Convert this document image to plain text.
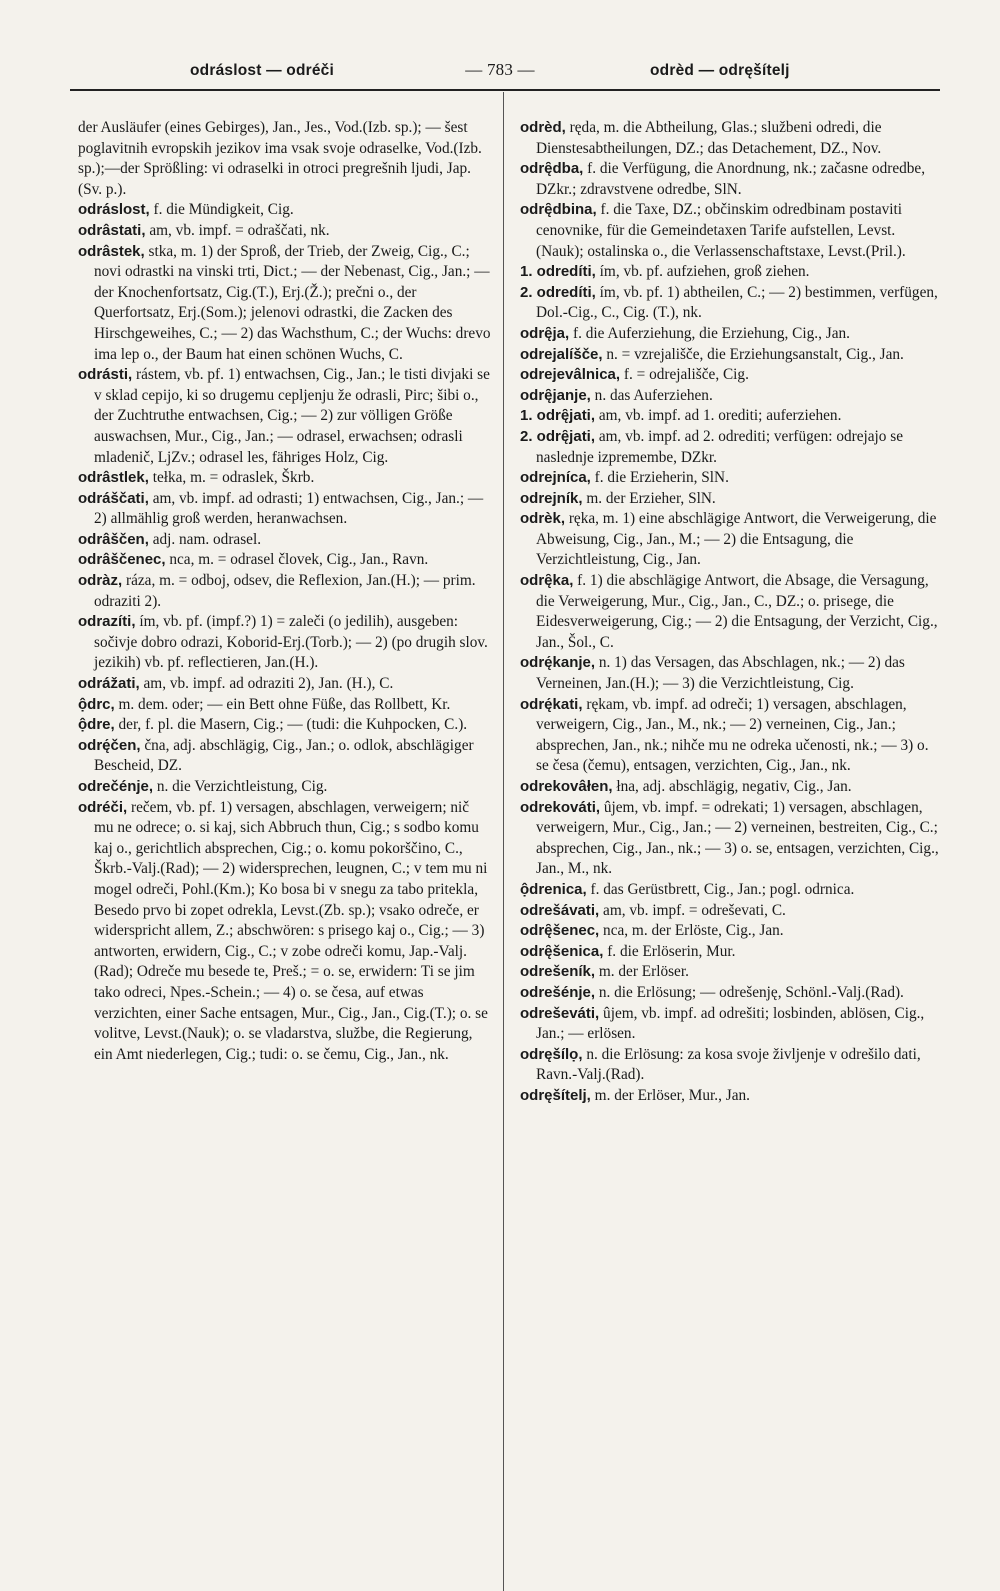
odráslost — odréči	— 783 —	odrèd — odręšítelj
der Ausläufer (eines Gebirges), Jan., Jes., Vod.(Izb. sp.); — šest poglavitnih evropskih jezikov ima vsak svoje odraselke, Vod.(Izb. sp.);—der Sprößling: vi odraselki in otroci pregrešnih ljudi, Jap.(Sv. p.).
odráslost, f. die Mündigkeit, Cig.
odrâstati, am, vb. impf. = odraščati, nk.
odrâstek, stka, m. 1) der Sproß, der Trieb, der Zweig, Cig., C.; novi odrastki na vinski trti, Dict.; — der Nebenast, Cig., Jan.; — der Knochenfortsatz, Cig.(T.), Erj.(Ž.); prečni o., der Querfortsatz, Erj.(Som.); jelenovi odrastki, die Zacken des Hirschgeweihes, C.; — 2) das Wachsthum, C.; der Wuchs: drevo ima lep o., der Baum hat einen schönen Wuchs, C.
odrásti, rástem, vb. pf. 1) entwachsen, Cig., Jan.; le tisti divjaki se v sklad cepijo, ki so drugemu cepljenju že odrasli, Pirc; šibi o., der Zuchtruthe entwachsen, Cig.; — 2) zur völligen Größe auswachsen, Mur., Cig., Jan.; — odrasel, erwachsen; odrasli mladenič, LjZv.; odrasel les, fähriges Holz, Cig.
odrâstlek, tełka, m. = odraslek, Škrb.
odráščati, am, vb. impf. ad odrasti; 1) entwachsen, Cig., Jan.; — 2) allmählig groß werden, heranwachsen.
odrâščen, adj. nam. odrasel.
odrâščenec, nca, m. = odrasel človek, Cig., Jan., Ravn.
odràz, ráza, m. = odboj, odsev, die Reflexion, Jan.(H.); — prim. odraziti 2).
odrazíti, ím, vb. pf. (impf.?) 1) = zaleči (o jedilih), ausgeben: sočivje dobro odrazi, Koborid-Erj.(Torb.); — 2) (po drugih slov. jezikih) vb. pf. reflectieren, Jan.(H.).
odrážati, am, vb. impf. ad odraziti 2), Jan. (H.), C.
ộdrc, m. dem. oder; — ein Bett ohne Füße, das Rollbett, Kr.
ộdre, der, f. pl. die Masern, Cig.; — (tudi: die Kuhpocken, C.).
odrę́čen, čna, adj. abschlägig, Cig., Jan.; o. odlok, abschlägiger Bescheid, DZ.
odrečénje, n. die Verzichtleistung, Cig.
odréči, rečem, vb. pf. 1) versagen, abschlagen, verweigern; nič mu ne odrece; o. si kaj, sich Abbruch thun, Cig.; s sodbo komu kaj o., gerichtlich absprechen, Cig.; o. komu pokorščino, C., Škrb.-Valj.(Rad); — 2) widersprechen, leugnen, C.; v tem mu ni mogel odreči, Pohl.(Km.); Ko bosa bi v snegu za tabo pritekla, Besedo prvo bi zopet odrekla, Levst.(Zb. sp.); vsako odreče, er widerspricht allem, Z.; abschwören: s prisego kaj o., Cig.; — 3) antworten, erwidern, Cig., C.; v zobe odreči komu, Jap.-Valj. (Rad); Odreče mu besede te, Preš.; = o. se, erwidern: Ti se jim tako odreci, Npes.-Schein.; — 4) o. se česa, auf etwas verzichten, einer Sache entsagen, Mur., Cig., Jan., Cig.(T.); o. se volitve, Levst.(Nauk); o. se vladarstva, službe, die Regierung, ein Amt niederlegen, Cig.; tudi: o. se čemu, Cig., Jan., nk.
odrèd, ręda, m. die Abtheilung, Glas.; službeni odredi, die Dienstesabtheilungen, DZ.; das Detachement, DZ., Nov.
odrę̑dba, f. die Verfügung, die Anordnung, nk.; začasne odredbe, DZkr.; zdravstvene odredbe, SlN.
odrę̑dbina, f. die Taxe, DZ.; občinskim odredbinam postaviti cenovnike, für die Gemeindetaxen Tarife aufstellen, Levst.(Nauk); ostalinska o., die Verlassenschaftstaxe, Levst.(Pril.).
1. odredíti, ím, vb. pf. aufziehen, groß ziehen.
2. odredíti, ím, vb. pf. 1) abtheilen, C.; — 2) bestimmen, verfügen, Dol.-Cig., C., Cig. (T.), nk.
odrę̑ja, f. die Auferziehung, die Erziehung, Cig., Jan.
odrejalíšče, n. = vzrejališče, die Erziehungsanstalt, Cig., Jan.
odrejevâlnica, f. = odrejališče, Cig.
odrę̑janje, n. das Auferziehen.
1. odrę̑jati, am, vb. impf. ad 1. orediti; auferziehen.
2. odrę̑jati, am, vb. impf. ad 2. odrediti; verfügen: odrejajo se naslednje izpremembe, DZkr.
odrejníca, f. die Erzieherin, SlN.
odrejník, m. der Erzieher, SlN.
odrèk, ręka, m. 1) eine abschlägige Antwort, die Verweigerung, die Abweisung, Cig., Jan., M.; — 2) die Entsagung, die Verzichtleistung, Cig., Jan.
odrę̑ka, f. 1) die abschlägige Antwort, die Absage, die Versagung, die Verweigerung, Mur., Cig., Jan., C., DZ.; o. prisege, die Eidesverweigerung, Cig.; — 2) die Entsagung, der Verzicht, Cig., Jan., Šol., C.
odrę́kanje, n. 1) das Versagen, das Abschlagen, nk.; — 2) das Verneinen, Jan.(H.); — 3) die Verzichtleistung, Cig.
odrę́kati, rękam, vb. impf. ad odreči; 1) versagen, abschlagen, verweigern, Cig., Jan., M., nk.; — 2) verneinen, Cig., Jan.; absprechen, Jan., nk.; nihče mu ne odreka učenosti, nk.; — 3) o. se česa (čemu), entsagen, verzichten, Cig., Jan., nk.
odrekovâłen, łna, adj. abschlägig, negativ, Cig., Jan.
odrekováti, ûjem, vb. impf. = odrekati; 1) versagen, abschlagen, verweigern, Mur., Cig., Jan.; — 2) verneinen, bestreiten, Cig., C.; absprechen, Cig., Jan., nk.; — 3) o. se, entsagen, verzichten, Cig., Jan., M., nk.
ộdrenica, f. das Gerüstbrett, Cig., Jan.; pogl. odrnica.
odrešávati, am, vb. impf. = odreševati, C.
odrę̑šenec, nca, m. der Erlöste, Cig., Jan.
odrę̑šenica, f. die Erlöserin, Mur.
odrešeník, m. der Erlöser.
odrešénje, n. die Erlösung; — odrešenję, Schönl.-Valj.(Rad).
odreševáti, ûjem, vb. impf. ad odrešiti; losbinden, ablösen, Cig., Jan.; — erlösen.
odręšílọ, n. die Erlösung: za kosa svoje življenje v odrešilo dati, Ravn.-Valj.(Rad).
odręšítelj, m. der Erlöser, Mur., Jan.
